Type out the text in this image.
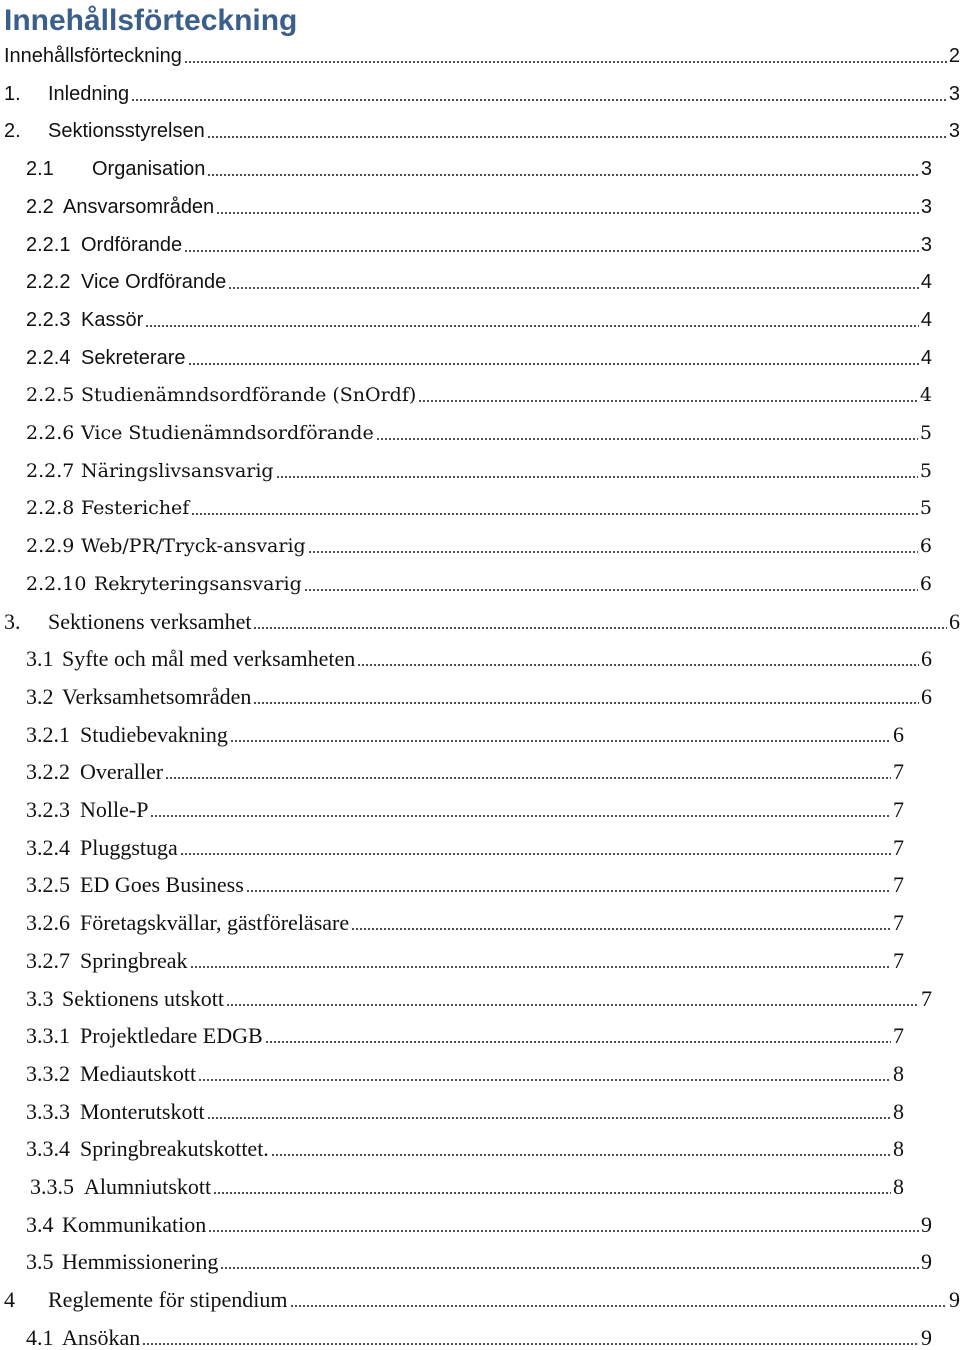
Innehållsförteckning
Innehållsförteckning	2
1.	Inledning	3
2.	Sektionsstyrelsen	3
2.1	Organisation	3
2.2 Ansvarsområden	3
2.2.1 Ordförande	3
2.2.2 Vice Ordförande	4
2.2.3 Kassör	4
2.2.4 Sekreterare	4
2.2.5 Studienämndsordförande (SnOrdf)	4
2.2.6 Vice Studienämndsordförande	5
2.2.7 Näringslivsansvarig	5
2.2.8 Festerichef	5
2.2.9 Web/PR/Tryck-ansvarig	6
2.2.10 Rekryteringsansvarig	6
3.	Sektionens verksamhet	6
3.1 Syfte och mål med verksamheten	6
3.2 Verksamhetsområden	6
3.2.1 Studiebevakning	6
3.2.2 Overaller	7
3.2.3 Nolle-P	7
3.2.4 Pluggstuga	7
3.2.5 ED Goes Business	7
3.2.6 Företagskvällar, gästföreläsare	7
3.2.7 Springbreak	7
3.3 Sektionens utskott	7
3.3.1 Projektledare EDGB	7
3.3.2 Mediautskott	8
3.3.3 Monterutskott	8
3.3.4 Springbreakutskottet.	8
3.3.5 Alumniutskott	8
3.4 Kommunikation	9
3.5 Hemmissionering	9
4	Reglemente för stipendium	9
4.1 Ansökan	9
